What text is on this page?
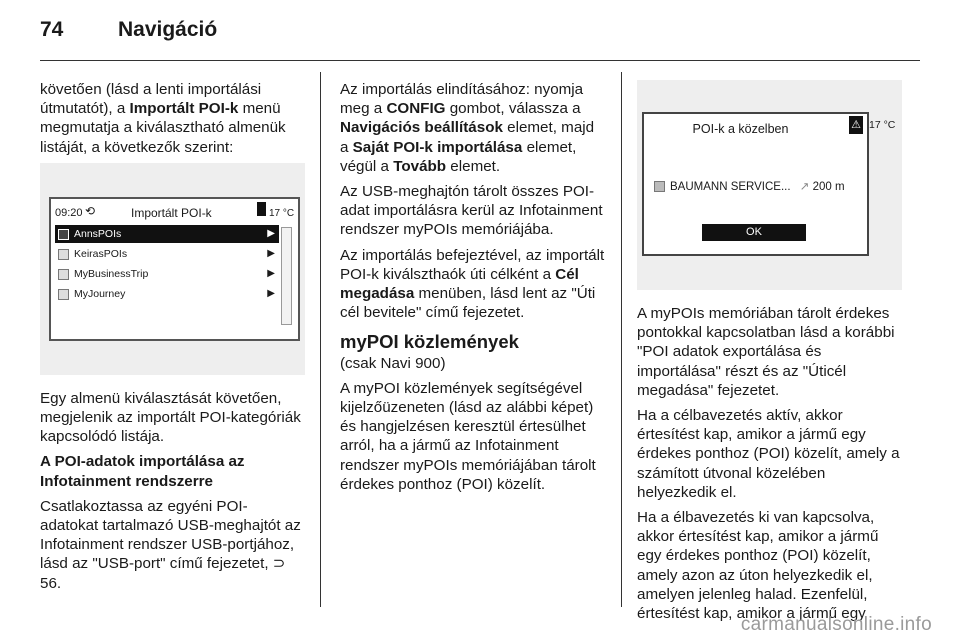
74	Navigáció

követően (lásd a lenti importálási útmutatót), a Importált POI-k menü megmutatja a kiválasztható almenük listáját, a következők szerint:

09:20 ⟲	Importált POI-k	17 °C
AnnsPOIs	▶
KeirasPOIs	▶
MyBusinessTrip	▶
MyJourney	▶

Egy almenü kiválasztását követően, megjelenik az importált POI-kategóriák kapcsolódó listája.

A POI-adatok importálása az Infotainment rendszerre

Csatlakoztassa az egyéni POI-adatokat tartalmazó USB-meghajtót az Infotainment rendszer USB-portjához, lásd az "USB-port" című fejezetet, ⊃ 56.

Az importálás elindításához: nyomja meg a CONFIG gombot, válassza a Navigációs beállítások elemet, majd a Saját POI-k importálása elemet, végül a Tovább elemet.

Az USB-meghajtón tárolt összes POI-adat importálásra kerül az Infotainment rendszer myPOIs memóriájába.

Az importálás befejeztével, az importált POI-k kiválszthaók úti célként a Cél megadása menüben, lásd lent az "Úti cél bevitele" című fejezetet.

myPOI közlemények

(csak Navi 900)

A myPOI közlemények segítségével kijelzőüzeneten (lásd az alábbi képet) és hangjelzésen keresztül értesülhet arról, ha a jármű az Infotainment rendszer myPOIs memóriájában tárolt érdekes ponthoz (POI) közelít.

POI-k a közelben	⚠
BAUMANN SERVICE... ↗ 200 m
OK
17 °C

A myPOIs memóriában tárolt érdekes pontokkal kapcsolatban lásd a korábbi "POI adatok exportálása és importálása" részt és az "Úticél megadása" fejezetet.

Ha a célbavezetés aktív, akkor értesítést kap, amikor a jármű egy érdekes ponthoz (POI) közelít, amely a számított útvonal közelében helyezkedik el.

Ha a élbavezetés ki van kapcsolva, akkor értesítést kap, amikor a jármű egy érdekes ponthoz (POI) közelít, amely azon az úton helyezkedik el, amelyen jelenleg halad. Ezenfelül, értesítést kap, amikor a jármű egy

carmanualsonline.info
